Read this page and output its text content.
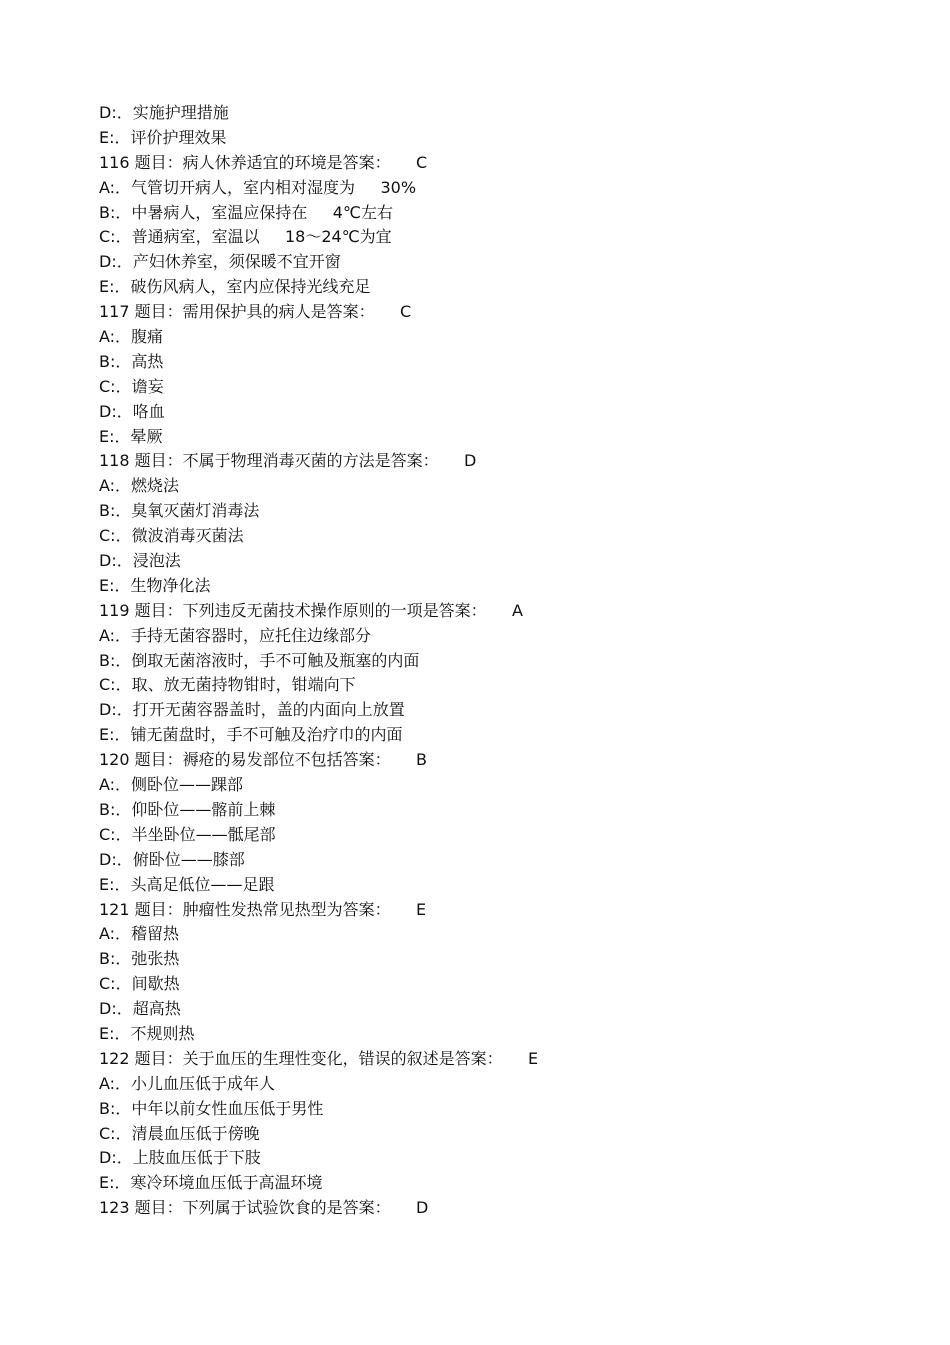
D:．实施护理措施
E:．评价护理效果
116 题目：病人休养适宜的环境是答案：     C
A:．气管切开病人，室内相对湿度为     30%
B:．中暑病人，室温应保持在     4℃左右
C:．普通病室，室温以     18～24℃为宜
D:．产妇休养室，须保暖不宜开窗
E:．破伤风病人，室内应保持光线充足
117 题目：需用保护具的病人是答案：     C
A:．腹痛
B:．高热
C:．谵妄
D:．咯血
E:．晕厥
118 题目：不属于物理消毒灭菌的方法是答案：     D
A:．燃烧法
B:．臭氧灭菌灯消毒法
C:．微波消毒灭菌法
D:．浸泡法
E:．生物净化法
119 题目：下列违反无菌技术操作原则的一项是答案：     A
A:．手持无菌容器时，应托住边缘部分
B:．倒取无菌溶液时，手不可触及瓶塞的内面
C:．取、放无菌持物钳时，钳端向下
D:．打开无菌容器盖时，盖的内面向上放置
E:．铺无菌盘时，手不可触及治疗巾的内面
120 题目：褥疮的易发部位不包括答案：     B
A:．侧卧位——踝部
B:．仰卧位——髂前上棘
C:．半坐卧位——骶尾部
D:．俯卧位——膝部
E:．头高足低位——足跟
121 题目：肿瘤性发热常见热型为答案：     E
A:．稽留热
B:．弛张热
C:．间歇热
D:．超高热
E:．不规则热
122 题目：关于血压的生理性变化，错误的叙述是答案：     E
A:．小儿血压低于成年人
B:．中年以前女性血压低于男性
C:．清晨血压低于傍晚
D:．上肢血压低于下肢
E:．寒冷环境血压低于高温环境
123 题目：下列属于试验饮食的是答案：     D
